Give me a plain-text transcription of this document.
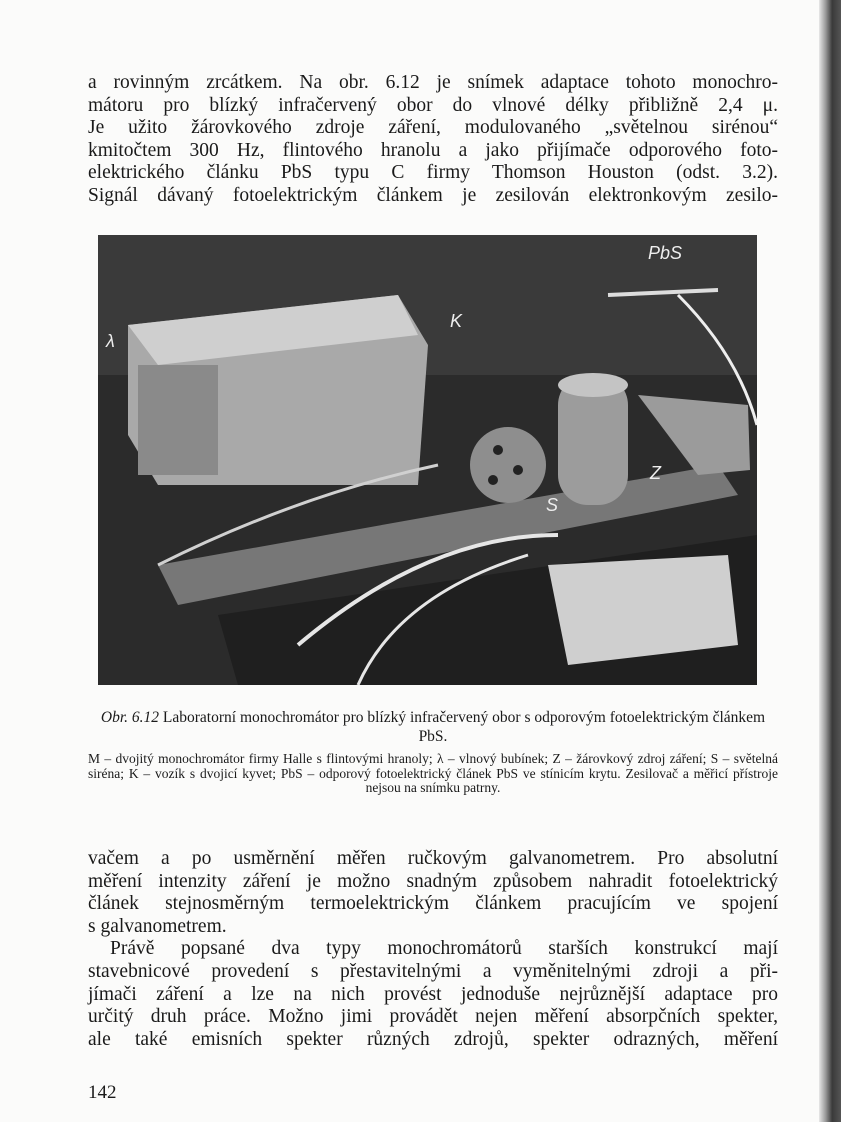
a rovinným zrcátkem. Na obr. 6.12 je snímek adaptace tohoto monochro-
mátoru pro blízký infračervený obor do vlnové délky přibližně 2,4 μ.
Je užito žárovkového zdroje záření, modulovaného „světelnou sirénou“
kmitočtem 300 Hz, flintového hranolu a jako přijímače odporového foto-
elektrického článku PbS typu C firmy Thomson Houston (odst. 3.2).
Signál dávaný fotoelektrickým článkem je zesilován elektronkovým zesilo-
PbS
K
Z
S
λ
Obr. 6.12 Laboratorní monochromátor pro blízký infračervený obor s odporovým fotoelektrickým článkem PbS.
M – dvojitý monochromátor firmy Halle s flintovými hranoly; λ – vlnový bubínek; Z – žárovkový zdroj záření; S – světelná siréna; K – vozík s dvojicí kyvet; PbS – odporový fotoelektrický článek PbS ve stínicím krytu. Zesilovač a měřicí přístroje nejsou na snímku patrny.
vačem a po usměrnění měřen ručkovým galvanometrem. Pro absolutní
měření intenzity záření je možno snadným způsobem nahradit fotoelektrický
článek stejnosměrným termoelektrickým článkem pracujícím ve spojení
s galvanometrem.
Právě popsané dva typy monochromátorů starších konstrukcí mají
stavebnicové provedení s přestavitelnými a vyměnitelnými zdroji a při-
jímači záření a lze na nich provést jednoduše nejrůznější adaptace pro
určitý druh práce. Možno jimi provádět nejen měření absorpčních spekter,
ale také emisních spekter různých zdrojů, spekter odrazných, měření
142
